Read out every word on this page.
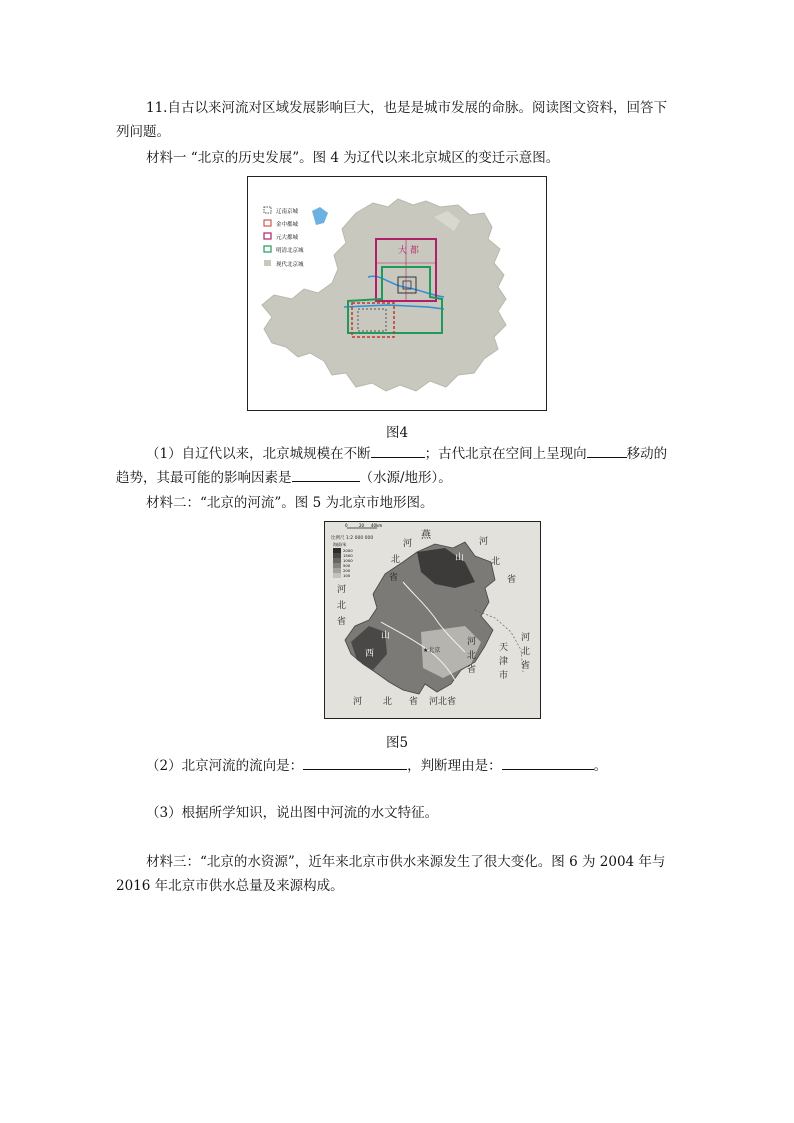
11.自古以来河流对区域发展影响巨大，也是是城市发展的命脉。阅读图文资料，回答下列问题。

材料一 “北京的历史发展”。图 4 为辽代以来北京城区的变迁示意图。

大 都
辽南京城
金中都城
元大都城
明清北京城
现代北京城
图4

（1）自辽代以来，北京城规模在不断	；古代北京在空间上呈现向	移动的趋势，其最可能的影响因素是	（水源/地形）。

材料二：“北京的河流”。图 5 为北京市地形图。

比例尺 1:2 000 000
0	20 40km
海拔/米
2000
1500
1000
500
200
100
河
燕
山
北
省
河
北
省
河
北
省
山
西	★北京
河
北
省
天
津
市
河
北
省
河 北 省 河北省
图5

（2）北京河流的流向是：	，判断理由是：	。

（3）根据所学知识，说出图中河流的水文特征。

材料三：“北京的水资源”，近年来北京市供水来源发生了很大变化。图 6 为 2004 年与 2016 年北京市供水总量及来源构成。
